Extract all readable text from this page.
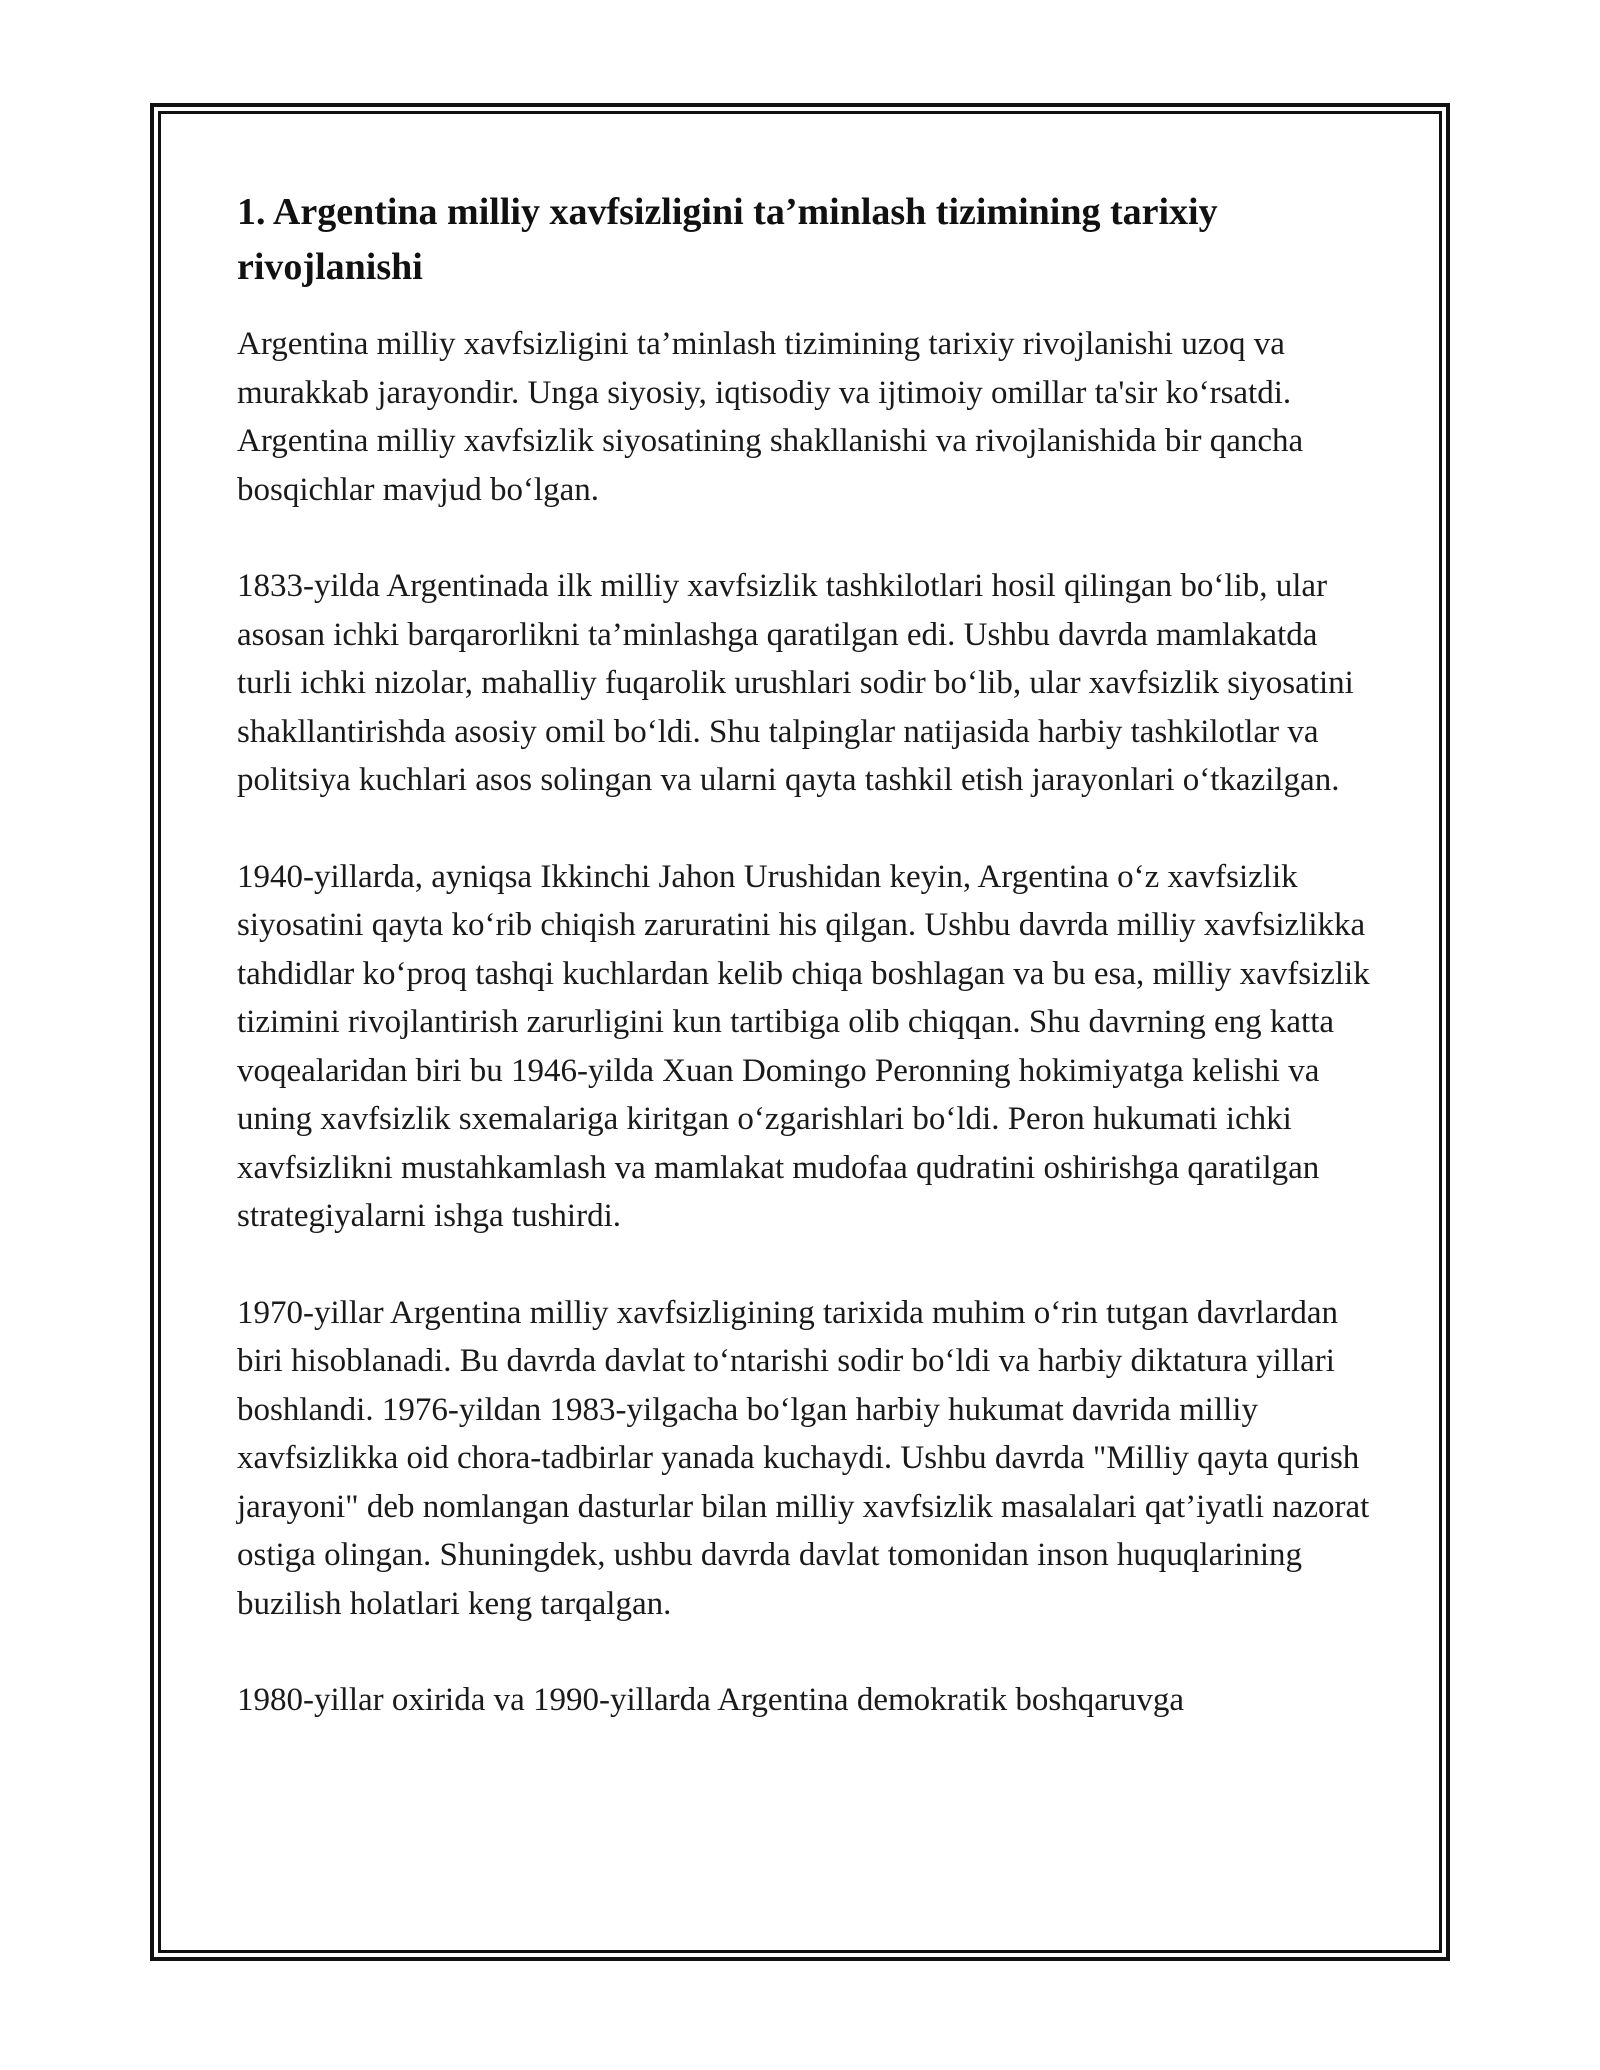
1. Argentina milliy xavfsizligini ta’minlash tizimining tarixiy rivojlanishi

Argentina milliy xavfsizligini ta’minlash tizimining tarixiy rivojlanishi uzoq va murakkab jarayondir. Unga siyosiy, iqtisodiy va ijtimoiy omillar ta'sir ko‘rsatdi. Argentina milliy xavfsizlik siyosatining shakllanishi va rivojlanishida bir qancha bosqichlar mavjud bo‘lgan.

1833-yilda Argentinada ilk milliy xavfsizlik tashkilotlari hosil qilingan bo‘lib, ular asosan ichki barqarorlikni ta’minlashga qaratilgan edi. Ushbu davrda mamlakatda turli ichki nizolar, mahalliy fuqarolik urushlari sodir bo‘lib, ular xavfsizlik siyosatini shakllantirishda asosiy omil bo‘ldi. Shu talpinglar natijasida harbiy tashkilotlar va politsiya kuchlari asos solingan va ularni qayta tashkil etish jarayonlari o‘tkazilgan.

1940-yillarda, ayniqsa Ikkinchi Jahon Urushidan keyin, Argentina o‘z xavfsizlik siyosatini qayta ko‘rib chiqish zaruratini his qilgan. Ushbu davrda milliy xavfsizlikka tahdidlar ko‘proq tashqi kuchlardan kelib chiqa boshlagan va bu esa, milliy xavfsizlik tizimini rivojlantirish zarurligini kun tartibiga olib chiqqan. Shu davrning eng katta voqealaridan biri bu 1946-yilda Xuan Domingo Peronning hokimiyatga kelishi va uning xavfsizlik sxemalariga kiritgan o‘zgarishlari bo‘ldi. Peron hukumati ichki xavfsizlikni mustahkamlash va mamlakat mudofaa qudratini oshirishga qaratilgan strategiyalarni ishga tushirdi.

1970-yillar Argentina milliy xavfsizligining tarixida muhim o‘rin tutgan davrlardan biri hisoblanadi. Bu davrda davlat to‘ntarishi sodir bo‘ldi va harbiy diktatura yillari boshlandi. 1976-yildan 1983-yilgacha bo‘lgan harbiy hukumat davrida milliy xavfsizlikka oid chora-tadbirlar yanada kuchaydi. Ushbu davrda "Milliy qayta qurish jarayoni" deb nomlangan dasturlar bilan milliy xavfsizlik masalalari qat’iyatli nazorat ostiga olingan. Shuningdek, ushbu davrda davlat tomonidan inson huquqlarining buzilish holatlari keng tarqalgan.

1980-yillar oxirida va 1990-yillarda Argentina demokratik boshqaruvga
